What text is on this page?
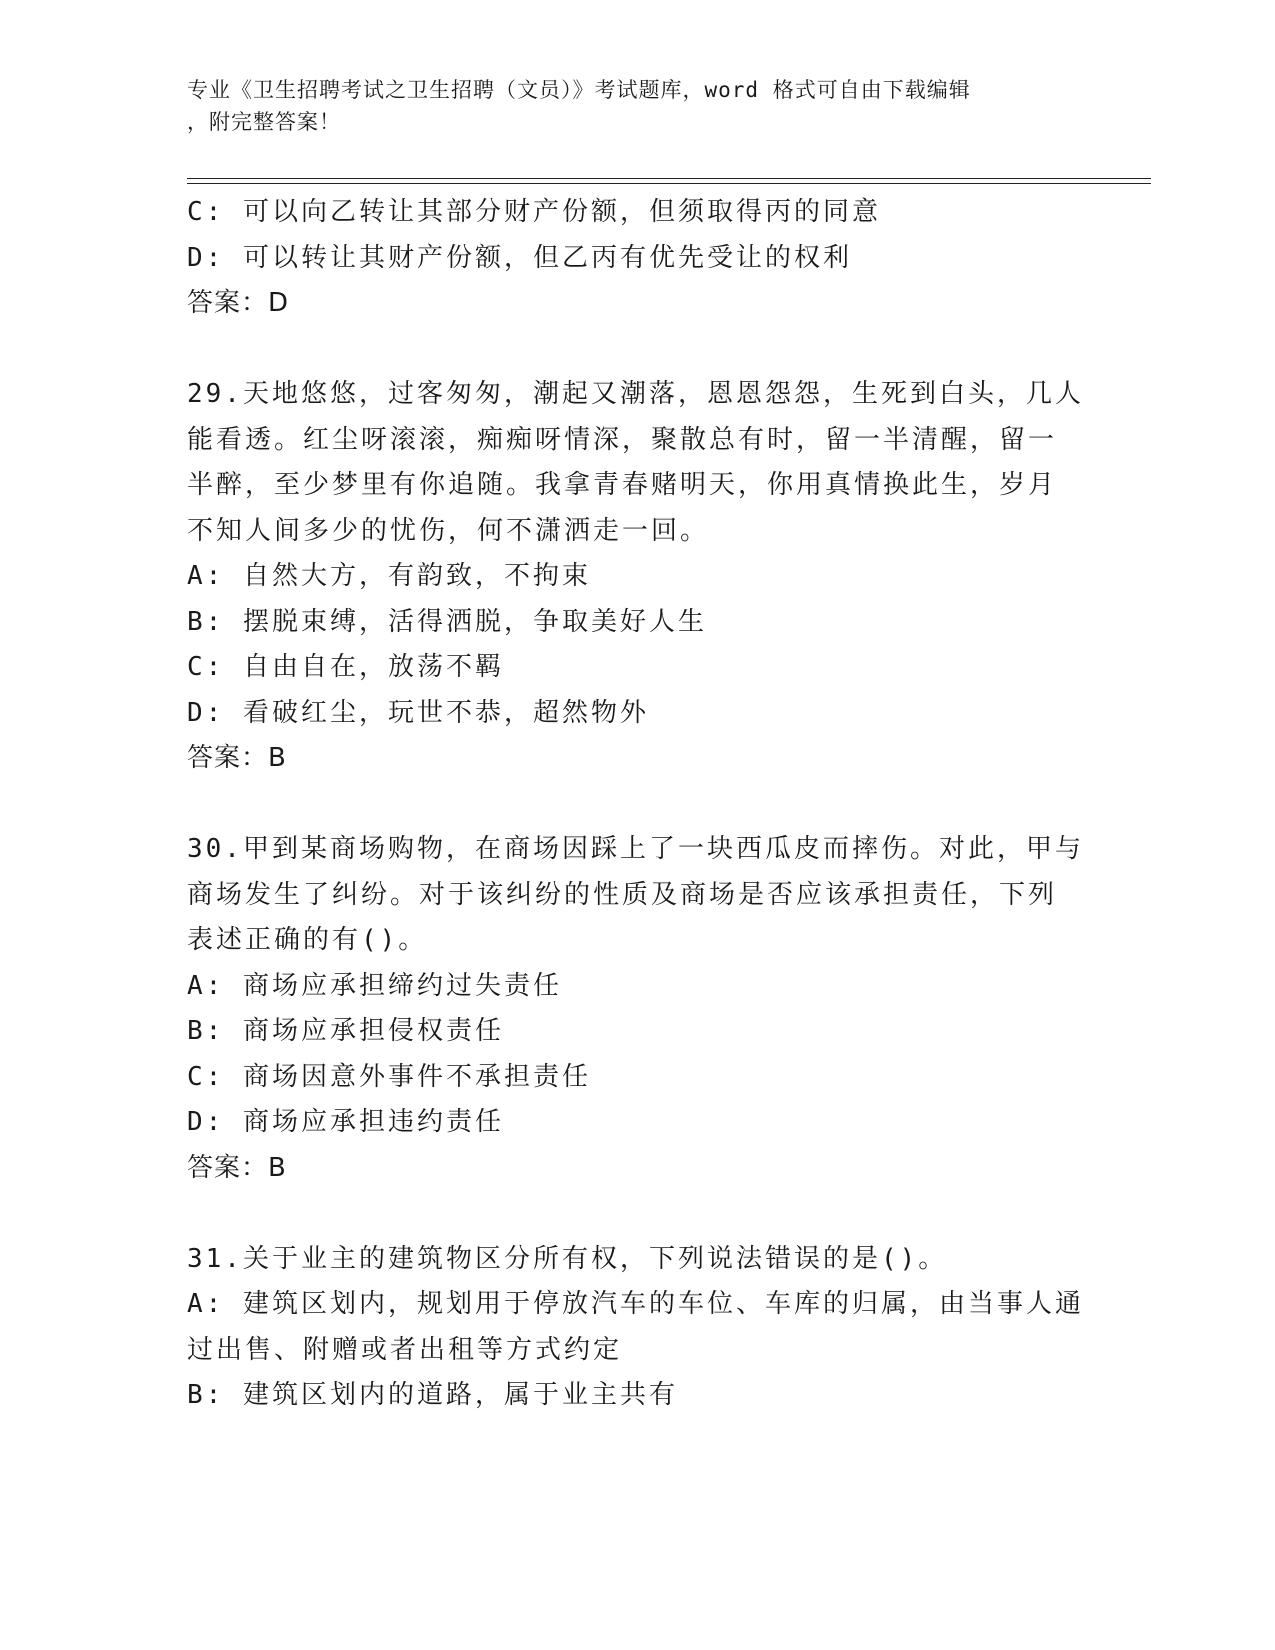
专业《卫生招聘考试之卫生招聘（文员）》考试题库，word 格式可自由下载编辑
，附完整答案！
C: 可以向乙转让其部分财产份额，但须取得丙的同意
D: 可以转让其财产份额，但乙丙有优先受让的权利
答案：D
29.天地悠悠，过客匆匆，潮起又潮落，恩恩怨怨，生死到白头，几人
能看透。红尘呀滚滚，痴痴呀情深，聚散总有时，留一半清醒，留一
半醉，至少梦里有你追随。我拿青春赌明天，你用真情换此生，岁月
不知人间多少的忧伤，何不潇洒走一回。
A: 自然大方，有韵致，不拘束
B: 摆脱束缚，活得洒脱，争取美好人生
C: 自由自在，放荡不羁
D: 看破红尘，玩世不恭，超然物外
答案：B
30.甲到某商场购物，在商场因踩上了一块西瓜皮而摔伤。对此，甲与
商场发生了纠纷。对于该纠纷的性质及商场是否应该承担责任，下列
表述正确的有()。
A: 商场应承担缔约过失责任
B: 商场应承担侵权责任
C: 商场因意外事件不承担责任
D: 商场应承担违约责任
答案：B
31.关于业主的建筑物区分所有权，下列说法错误的是()。
A: 建筑区划内，规划用于停放汽车的车位、车库的归属，由当事人通
过出售、附赠或者出租等方式约定
B: 建筑区划内的道路，属于业主共有
